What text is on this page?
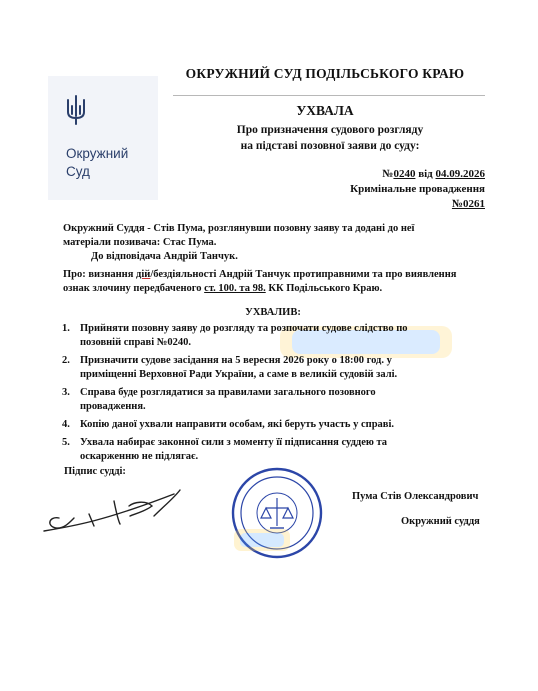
ОКРУЖНИЙ СУД ПОДІЛЬСЬКОГО КРАЮ
Окружний
Суд
УХВАЛА
Про призначення судового розгляду
на підставі позовної заяви до суду:
№0240 від 04.09.2026
Кримінальне провадження
№0261
Окружний Суддя - Стів Пума, розглянувши позовну заяву та додані до неї
матеріали позивача: Стас Пума.
До відповідача Андрій Танчук.
Про: визнання дій/бездіяльності Андрій Танчук протиправними та про виявлення
ознак злочину передбаченого ст. 100. та 98. КК Подільського Краю.
УХВАЛИВ:
1. Прийняти позовну заяву до розгляду та розпочати судове слідство по
позовній справі №0240.
2. Призначити судове засідання на 5 вересня 2026 року о 18:00 год. у
приміщенні Верховної Ради України, а саме в великій судовій залі.
3. Справа буде розглядатися за правилами загального позовного
провадження.
4. Копію даної ухвали направити особам, які беруть участь у справі.
5. Ухвала набирає законної сили з моменту її підписання суддею та
оскарженню не підлягає.
Підпис судді:
Пума Стів Олександрович
Окружний суддя
